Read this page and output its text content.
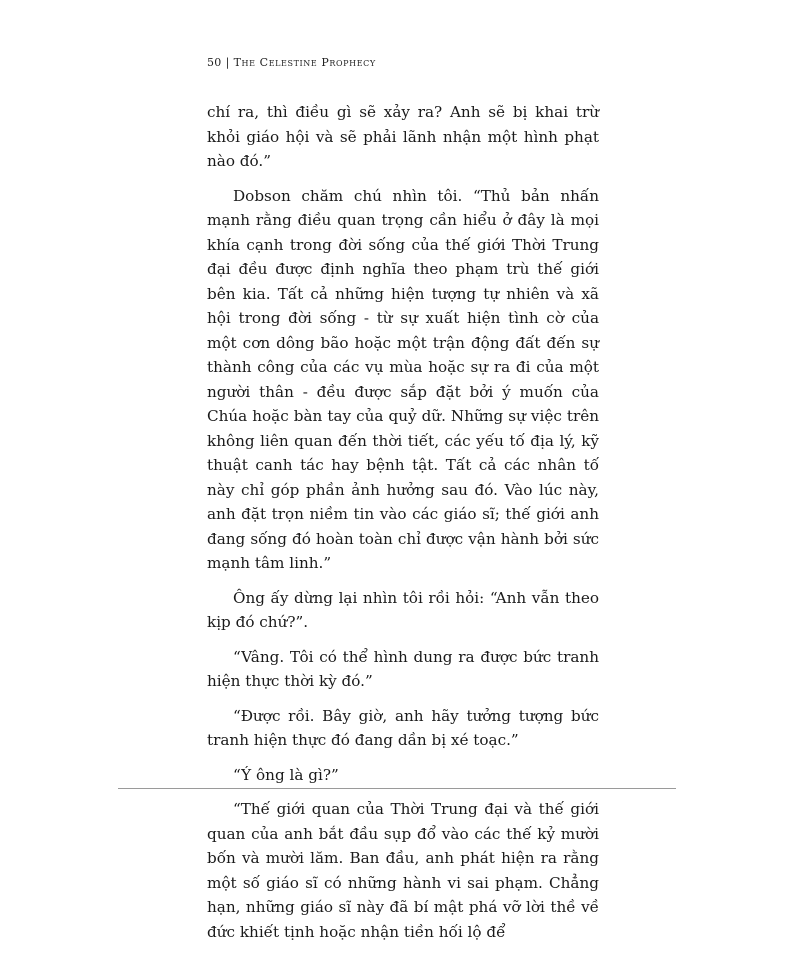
50 | The Celestine Prophecy

chí ra, thì điều gì sẽ xảy ra? Anh sẽ bị khai trừ khỏi giáo hội và sẽ phải lãnh nhận một hình phạt nào đó.”

Dobson chăm chú nhìn tôi. “Thủ bản nhấn mạnh rằng điều quan trọng cần hiểu ở đây là mọi khía cạnh trong đời sống của thế giới Thời Trung đại đều được định nghĩa theo phạm trù thế giới bên kia. Tất cả những hiện tượng tự nhiên và xã hội trong đời sống - từ sự xuất hiện tình cờ của một cơn dông bão hoặc một trận động đất đến sự thành công của các vụ mùa hoặc sự ra đi của một người thân - đều được sắp đặt bởi ý muốn của Chúa hoặc bàn tay của quỷ dữ. Những sự việc trên không liên quan đến thời tiết, các yếu tố địa lý, kỹ thuật canh tác hay bệnh tật. Tất cả các nhân tố này chỉ góp phần ảnh hưởng sau đó. Vào lúc này, anh đặt trọn niềm tin vào các giáo sĩ; thế giới anh đang sống đó hoàn toàn chỉ được vận hành bởi sức mạnh tâm linh.”

Ông ấy dừng lại nhìn tôi rồi hỏi: “Anh vẫn theo kịp đó chứ?”.

“Vâng. Tôi có thể hình dung ra được bức tranh hiện thực thời kỳ đó.”

“Được rồi. Bây giờ, anh hãy tưởng tượng bức tranh hiện thực đó đang dần bị xé toạc.”

“Ý ông là gì?”

“Thế giới quan của Thời Trung đại và thế giới quan của anh bắt đầu sụp đổ vào các thế kỷ mười bốn và mười lăm. Ban đầu, anh phát hiện ra rằng một số giáo sĩ có những hành vi sai phạm. Chẳng hạn, những giáo sĩ này đã bí mật phá vỡ lời thề về đức khiết tịnh hoặc nhận tiền hối lộ để
